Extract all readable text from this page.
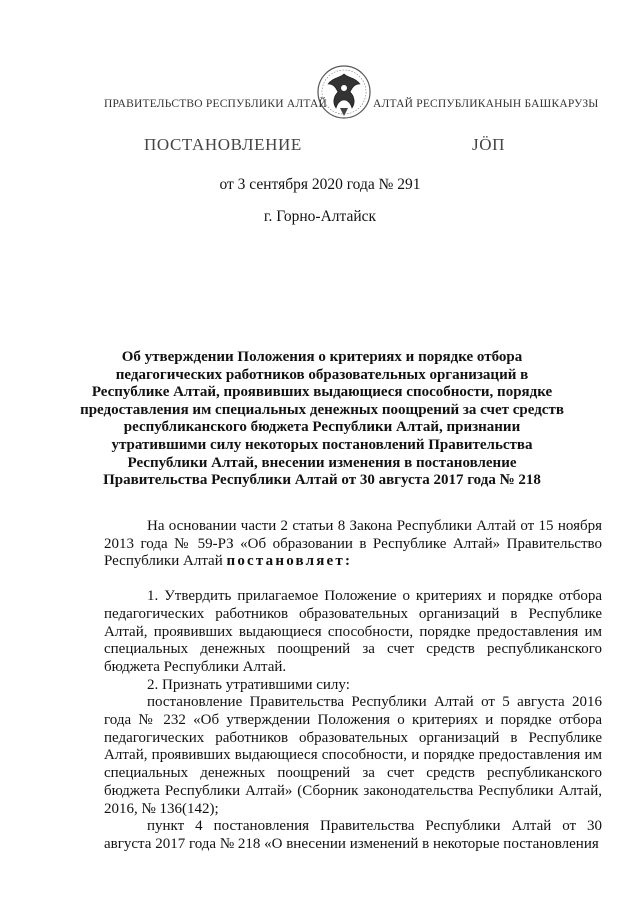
ПРАВИТЕЛЬСТВО РЕСПУБЛИКИ АЛТАЙ	АЛТАЙ РЕСПУБЛИКАНЫН БАШКАРУЗЫ
ПОСТАНОВЛЕНИЕ	ЈÖП
от 3 сентября 2020 года № 291
г. Горно-Алтайск
Об утверждении Положения о критериях и порядке отбора педагогических работников образовательных организаций в Республике Алтай, проявивших выдающиеся способности, порядке предоставления им специальных денежных поощрений за счет средств республиканского бюджета Республики Алтай, признании утратившими силу некоторых постановлений Правительства Республики Алтай, внесении изменения в постановление Правительства Республики Алтай от 30 августа 2017 года № 218

На основании части 2 статьи 8 Закона Республики Алтай от 15 ноября 2013 года № 59-РЗ «Об образовании в Республике Алтай» Правительство Республики Алтай постановляет:

1. Утвердить прилагаемое Положение о критериях и порядке отбора педагогических работников образовательных организаций в Республике Алтай, проявивших выдающиеся способности, порядке предоставления им специальных денежных поощрений за счет средств республиканского бюджета Республики Алтай.

2. Признать утратившими силу:

постановление Правительства Республики Алтай от 5 августа 2016 года № 232 «Об утверждении Положения о критериях и порядке отбора педагогических работников образовательных организаций в Республике Алтай, проявивших выдающиеся способности, и порядке предоставления им специальных денежных поощрений за счет средств республиканского бюджета Республики Алтай» (Сборник законодательства Республики Алтай, 2016, № 136(142);

пункт 4 постановления Правительства Республики Алтай от 30 августа 2017 года № 218 «О внесении изменений в некоторые постановления
